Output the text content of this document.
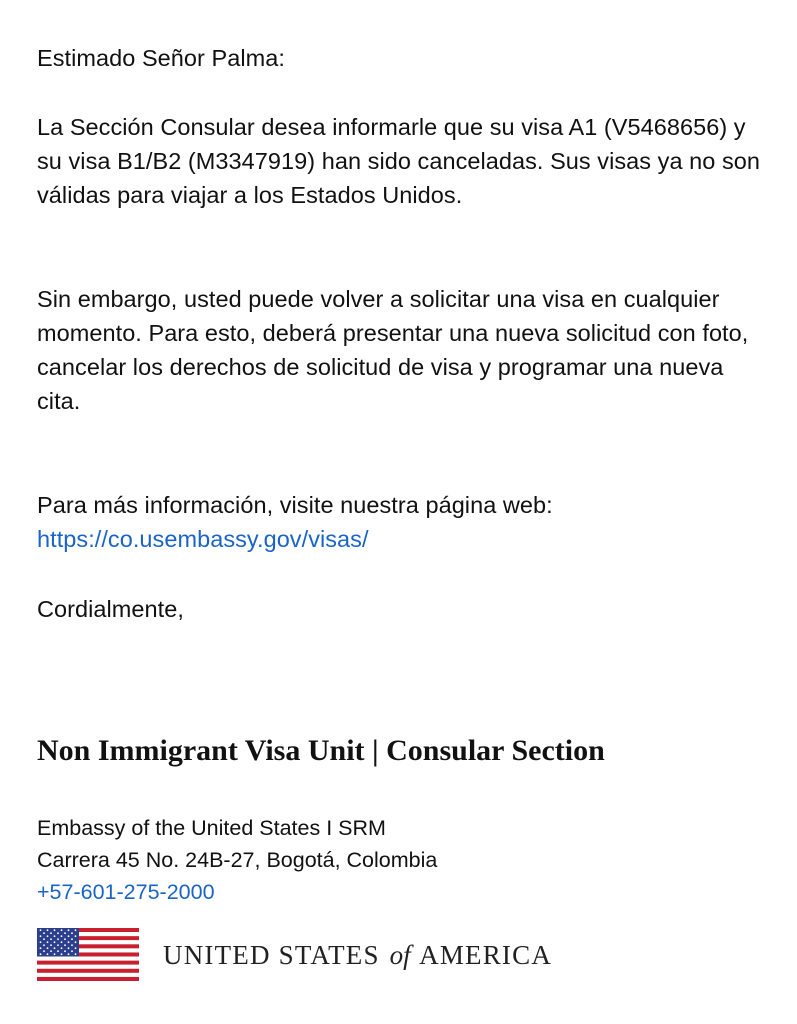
Estimado Señor Palma:

La Sección Consular desea informarle que su visa A1 (V5468656) y su visa B1/B2 (M3347919) han sido canceladas. Sus visas ya no son válidas para viajar a los Estados Unidos.

Sin embargo, usted puede volver a solicitar una visa en cualquier momento. Para esto, deberá presentar una nueva solicitud con foto, cancelar los derechos de solicitud de visa y programar una nueva cita.

Para más información, visite nuestra página web:

https://co.usembassy.gov/visas/

Cordialmente,

Non Immigrant Visa Unit | Consular Section

Embassy of the United States I SRM

Carrera 45 No. 24B-27, Bogotá, Colombia

+57-601-275-2000
UNITED STATES of AMERICA
